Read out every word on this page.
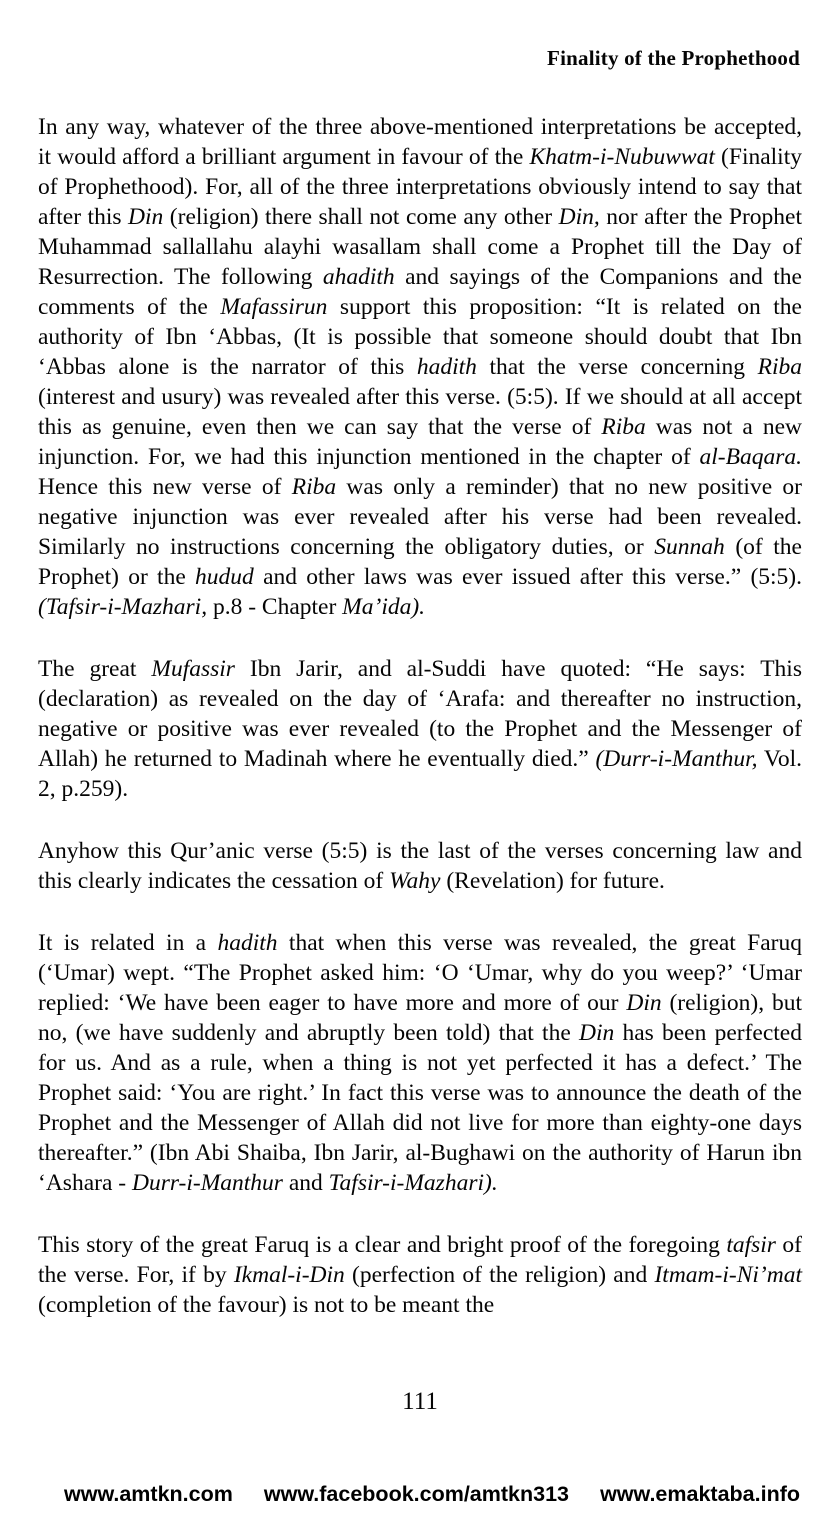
Finality of the Prophethood

In any way, whatever of the three above-mentioned interpretations be accepted, it would afford a brilliant argument in favour of the Khatm-i-Nubuwwat (Finality of Prophethood). For, all of the three interpretations obviously intend to say that after this Din (religion) there shall not come any other Din, nor after the Prophet Muhammad sallallahu alayhi wasallam shall come a Prophet till the Day of Resurrection. The following ahadith and sayings of the Companions and the comments of the Mafassirun support this proposition: “It is related on the authority of Ibn ‘Abbas, (It is possible that someone should doubt that Ibn ‘Abbas alone is the narrator of this hadith that the verse concerning Riba (interest and usury) was revealed after this verse. (5:5). If we should at all accept this as genuine, even then we can say that the verse of Riba was not a new injunction. For, we had this injunction mentioned in the chapter of al-Baqara. Hence this new verse of Riba was only a reminder) that no new positive or negative injunction was ever revealed after his verse had been revealed. Similarly no instructions concerning the obligatory duties, or Sunnah (of the Prophet) or the hudud and other laws was ever issued after this verse.” (5:5). (Tafsir-i-Mazhari, p.8 - Chapter Ma’ida).

The great Mufassir Ibn Jarir, and al-Suddi have quoted: “He says: This (declaration) as revealed on the day of ‘Arafa: and thereafter no instruction, negative or positive was ever revealed (to the Prophet and the Messenger of Allah) he returned to Madinah where he eventually died.” (Durr-i-Manthur, Vol. 2, p.259).

Anyhow this Qur’anic verse (5:5) is the last of the verses concerning law and this clearly indicates the cessation of Wahy (Revelation) for future.

It is related in a hadith that when this verse was revealed, the great Faruq (‘Umar) wept. “The Prophet asked him: ‘O ‘Umar, why do you weep?’ ‘Umar replied: ‘We have been eager to have more and more of our Din (religion), but no, (we have suddenly and abruptly been told) that the Din has been perfected for us. And as a rule, when a thing is not yet perfected it has a defect.’ The Prophet said: ‘You are right.’ In fact this verse was to announce the death of the Prophet and the Messenger of Allah did not live for more than eighty-one days thereafter.” (Ibn Abi Shaiba, Ibn Jarir, al-Bughawi on the authority of Harun ibn ‘Ashara - Durr-i-Manthur and Tafsir-i-Mazhari).

This story of the great Faruq is a clear and bright proof of the foregoing tafsir of the verse. For, if by Ikmal-i-Din (perfection of the religion) and Itmam-i-Ni’mat (completion of the favour) is not to be meant the

111
www.amtkn.com www.facebook.com/amtkn313 www.emaktaba.info
